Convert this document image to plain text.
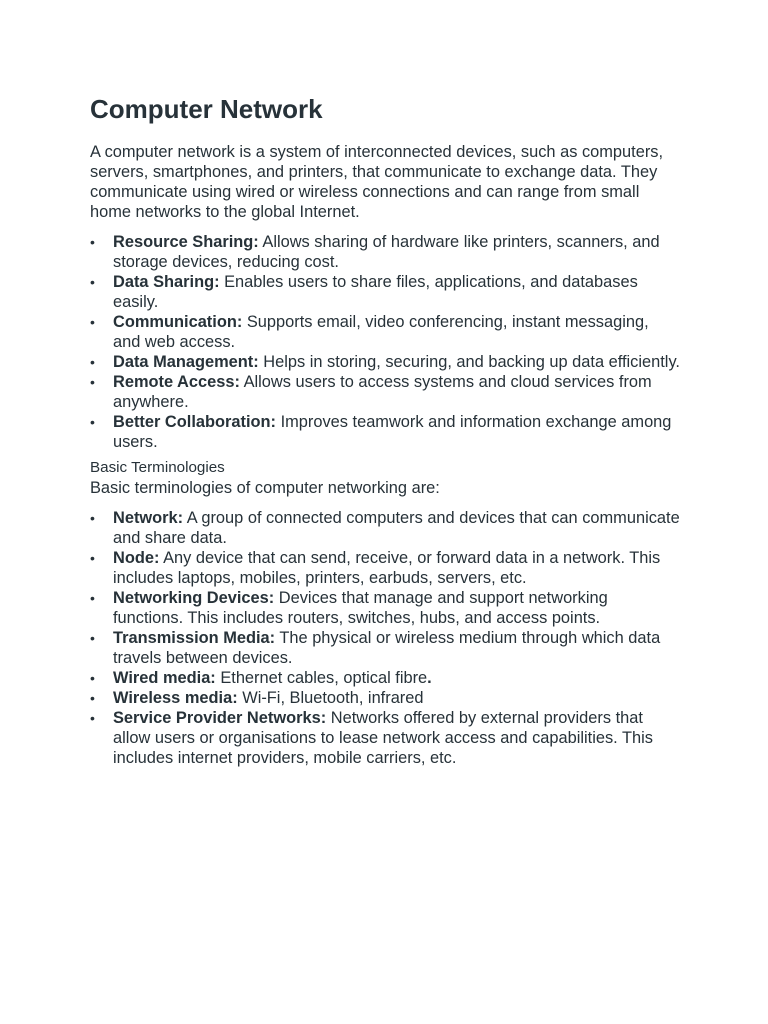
Computer Network

A computer network is a system of interconnected devices, such as computers, servers, smartphones, and printers, that communicate to exchange data. They communicate using wired or wireless connections and can range from small home networks to the global Internet.

• Resource Sharing: Allows sharing of hardware like printers, scanners, and storage devices, reducing cost.
• Data Sharing: Enables users to share files, applications, and databases easily.
• Communication: Supports email, video conferencing, instant messaging, and web access.
• Data Management: Helps in storing, securing, and backing up data efficiently.
• Remote Access: Allows users to access systems and cloud services from anywhere.
• Better Collaboration: Improves teamwork and information exchange among users.

Basic Terminologies

Basic terminologies of computer networking are:

• Network: A group of connected computers and devices that can communicate and share data.
• Node: Any device that can send, receive, or forward data in a network. This includes laptops, mobiles, printers, earbuds, servers, etc.
• Networking Devices: Devices that manage and support networking functions. This includes routers, switches, hubs, and access points.
• Transmission Media: The physical or wireless medium through which data travels between devices.
• Wired media: Ethernet cables, optical fibre.
• Wireless media: Wi-Fi, Bluetooth, infrared
• Service Provider Networks: Networks offered by external providers that allow users or organisations to lease network access and capabilities. This includes internet providers, mobile carriers, etc.
